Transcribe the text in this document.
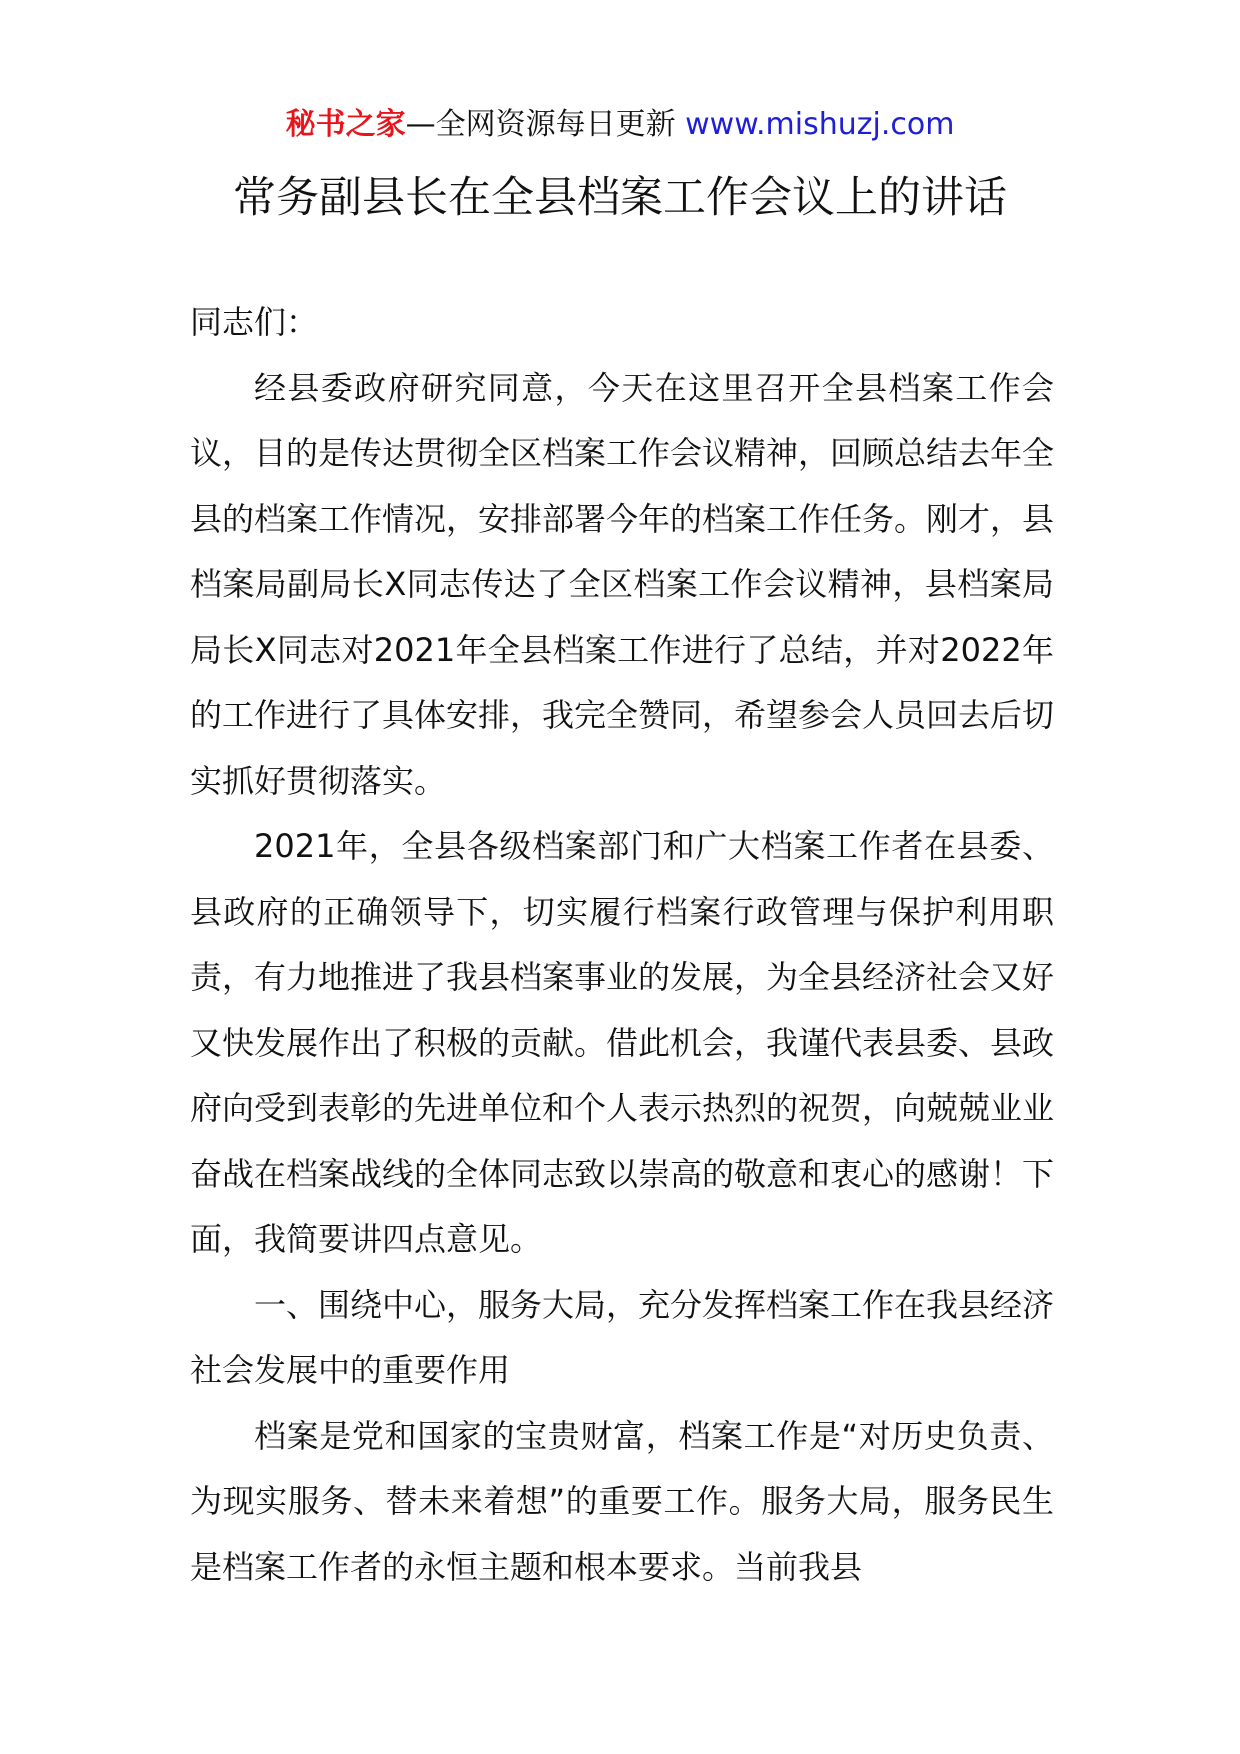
秘书之家—全网资源每日更新 www.mishuzj.com
常务副县长在全县档案工作会议上的讲话

同志们：

经县委政府研究同意，今天在这里召开全县档案工作会议，目的是传达贯彻全区档案工作会议精神，回顾总结去年全县的档案工作情况，安排部署今年的档案工作任务。刚才，县档案局副局长X同志传达了全区档案工作会议精神，县档案局局长X同志对2021年全县档案工作进行了总结，并对2022年的工作进行了具体安排，我完全赞同，希望参会人员回去后切实抓好贯彻落实。

2021年，全县各级档案部门和广大档案工作者在县委、县政府的正确领导下，切实履行档案行政管理与保护利用职责，有力地推进了我县档案事业的发展，为全县经济社会又好又快发展作出了积极的贡献。借此机会，我谨代表县委、县政府向受到表彰的先进单位和个人表示热烈的祝贺，向兢兢业业奋战在档案战线的全体同志致以崇高的敬意和衷心的感谢！下面，我简要讲四点意见。

一、围绕中心，服务大局，充分发挥档案工作在我县经济社会发展中的重要作用

档案是党和国家的宝贵财富，档案工作是“对历史负责、为现实服务、替未来着想”的重要工作。服务大局，服务民生是档案工作者的永恒主题和根本要求。当前我县
